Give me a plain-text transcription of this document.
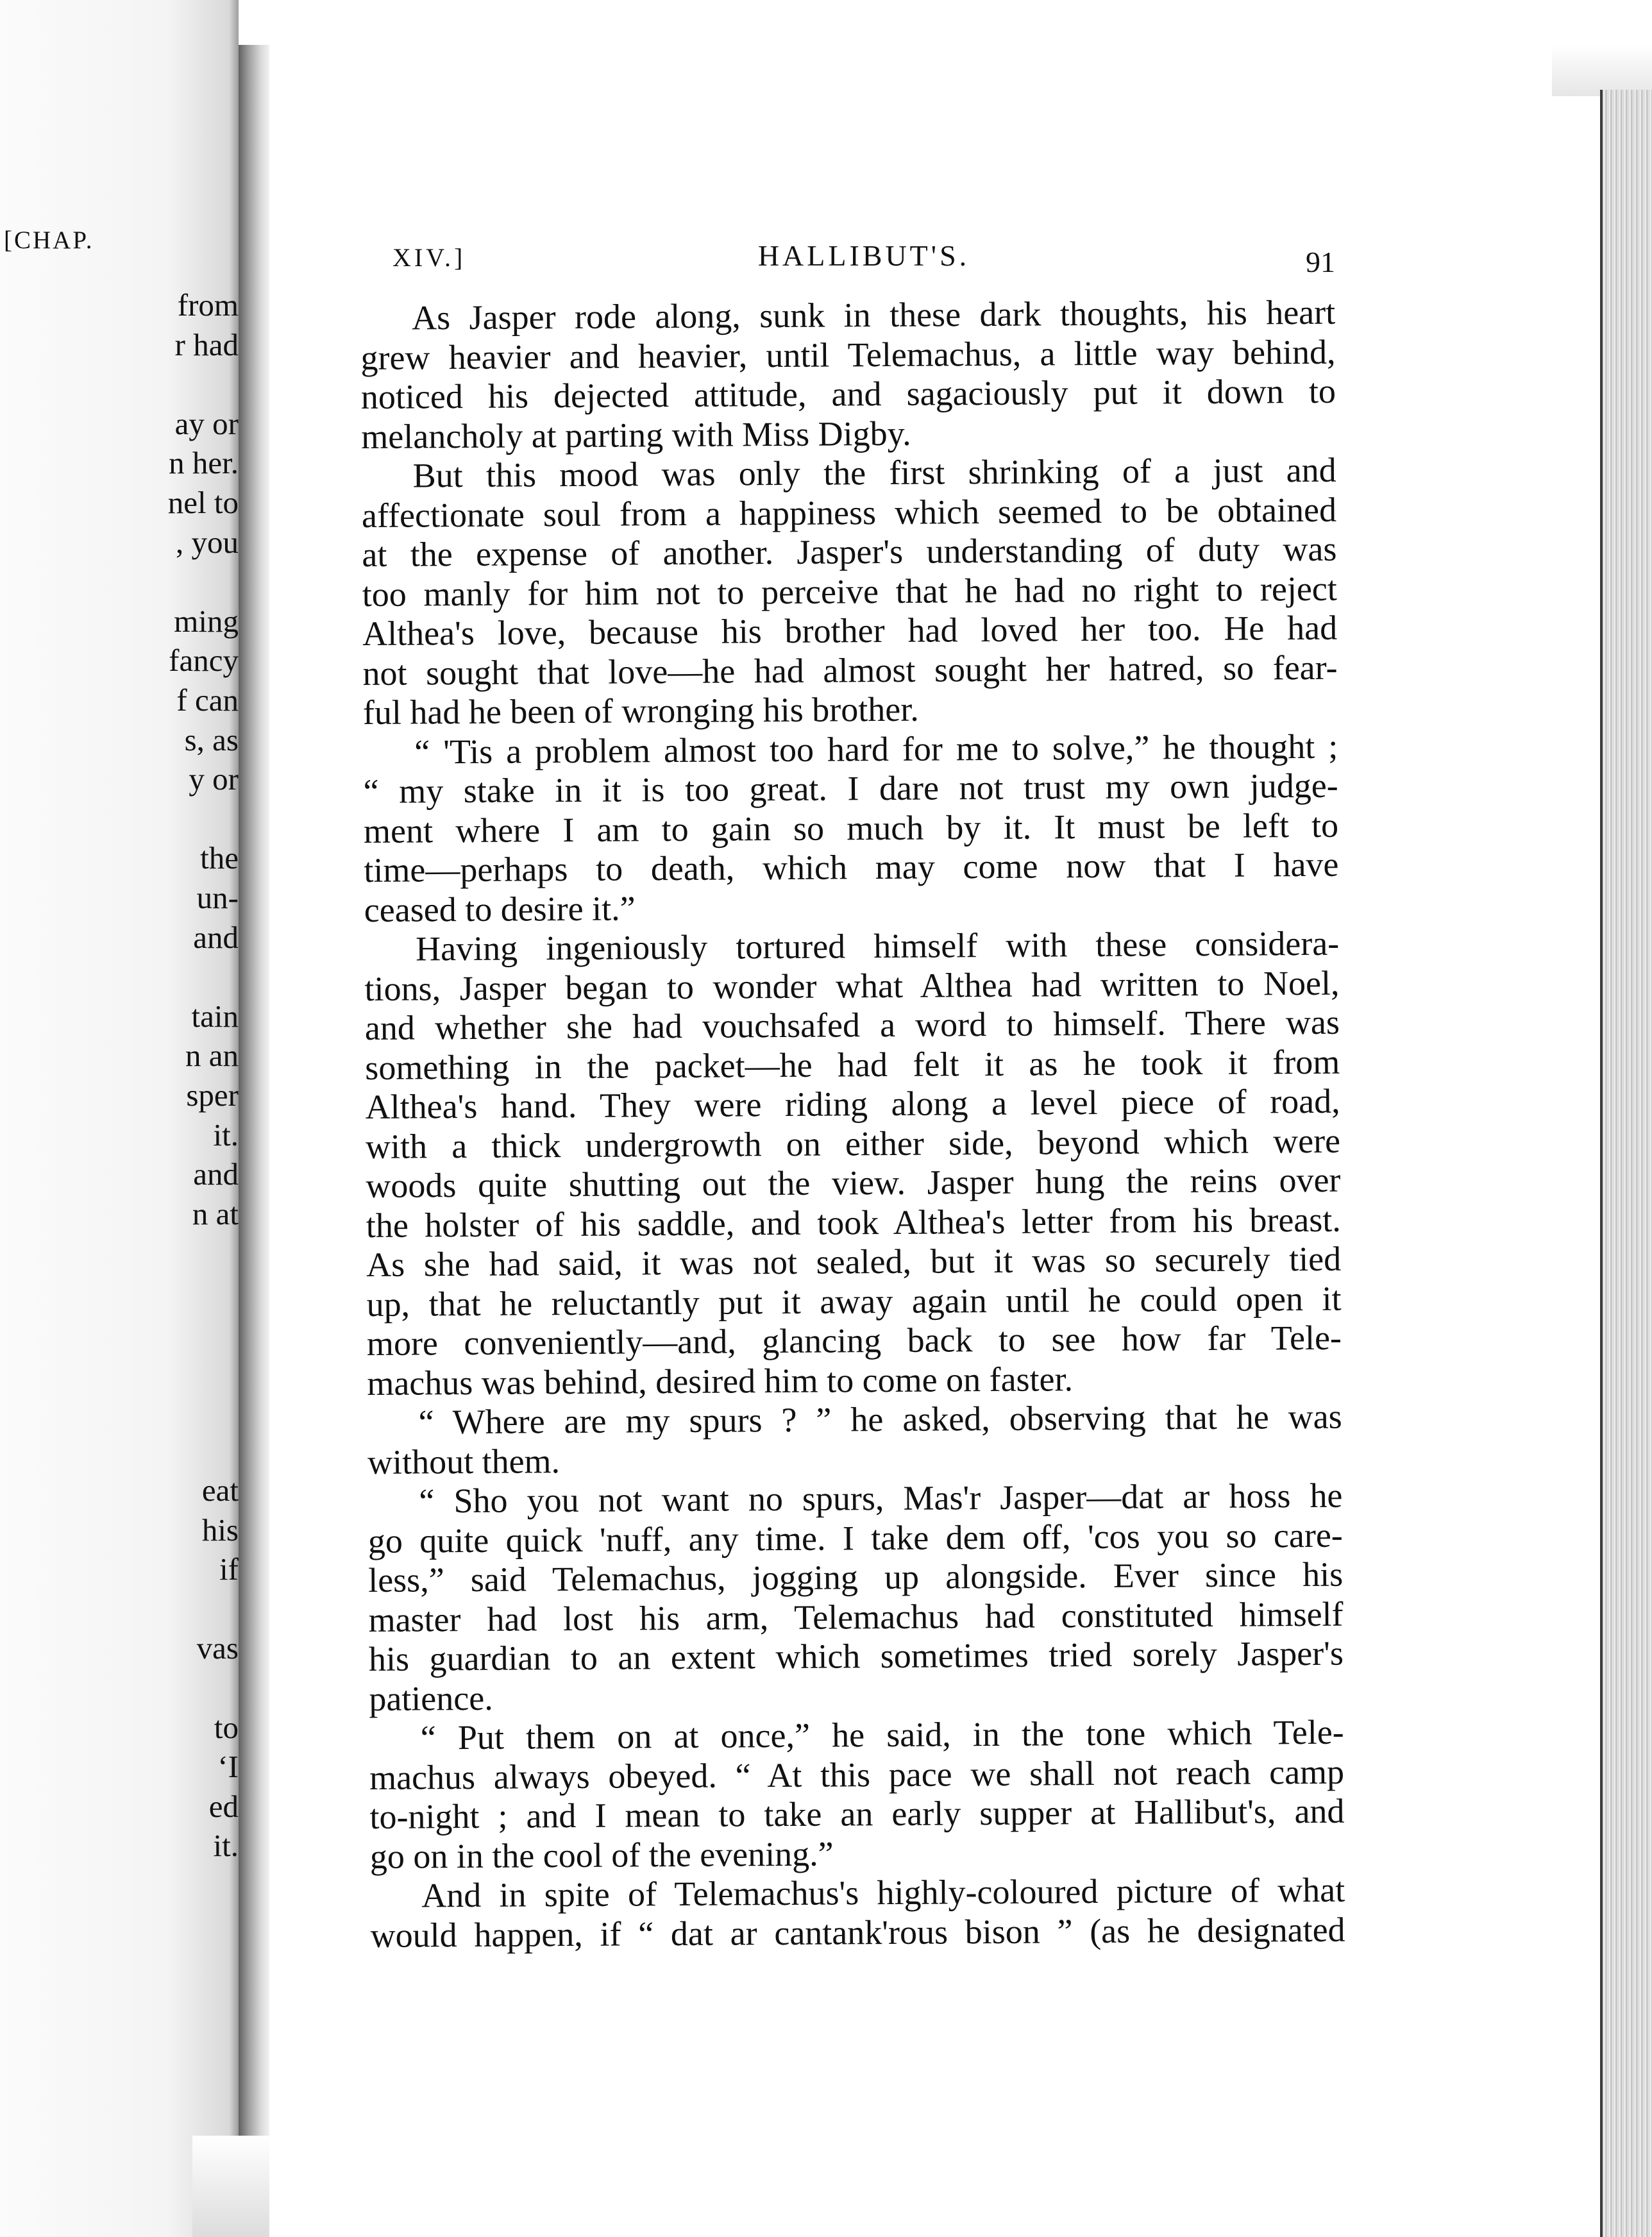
[CHAP.
from
r had
ay or
n her.
nel to
, you
ming
fancy
f can
s, as
y or
the
un-
and
tain
n an
sper
it.
and
n at
eat
his
if
vas
to
‘I
ed
it.
XIV.]	HALLIBUT'S.	91
As Jasper rode along, sunk in these dark thoughts, his heart
grew heavier and heavier, until Telemachus, a little way behind,
noticed his dejected attitude, and sagaciously put it down to
melancholy at parting with Miss Digby.
But this mood was only the first shrinking of a just and
affectionate soul from a happiness which seemed to be obtained
at the expense of another. Jasper's understanding of duty was
too manly for him not to perceive that he had no right to reject
Althea's love, because his brother had loved her too. He had
not sought that love—he had almost sought her hatred, so fear-
ful had he been of wronging his brother.
“ 'Tis a problem almost too hard for me to solve,” he thought ;
“ my stake in it is too great. I dare not trust my own judge-
ment where I am to gain so much by it. It must be left to
time—perhaps to death, which may come now that I have
ceased to desire it.”
Having ingeniously tortured himself with these considera-
tions, Jasper began to wonder what Althea had written to Noel,
and whether she had vouchsafed a word to himself. There was
something in the packet—he had felt it as he took it from
Althea's hand. They were riding along a level piece of road,
with a thick undergrowth on either side, beyond which were
woods quite shutting out the view. Jasper hung the reins over
the holster of his saddle, and took Althea's letter from his breast.
As she had said, it was not sealed, but it was so securely tied
up, that he reluctantly put it away again until he could open it
more conveniently—and, glancing back to see how far Tele-
machus was behind, desired him to come on faster.
“ Where are my spurs ? ” he asked, observing that he was
without them.
“ Sho you not want no spurs, Mas'r Jasper—dat ar hoss he
go quite quick 'nuff, any time. I take dem off, 'cos you so care-
less,” said Telemachus, jogging up alongside. Ever since his
master had lost his arm, Telemachus had constituted himself
his guardian to an extent which sometimes tried sorely Jasper's
patience.
“ Put them on at once,” he said, in the tone which Tele-
machus always obeyed. “ At this pace we shall not reach camp
to-night ; and I mean to take an early supper at Hallibut's, and
go on in the cool of the evening.”
And in spite of Telemachus's highly-coloured picture of what
would happen, if “ dat ar cantank'rous bison ” (as he designated
